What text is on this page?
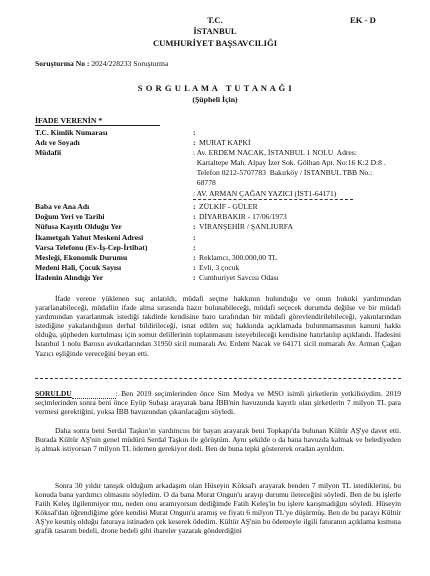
T.C.	EK - D
İSTANBUL
CUMHURİYET BAŞSAVCILIĞI
Soruşturma No : 2024/228233 Soruşturma
S O R G U L A M A   T U T A N A Ğ I
(Şüpheli İçin)
İFADE VERENİN *
T.C. Kimlik Numarası	:
Adı ve Soyadı	: MURAT KAPKİ
Müdafii	: Av. ERDEM NACAK, İSTANBUL 1 NOLU  Adres:
Kartaltepe Mah. Alpay İzer Sok. Gölhan Apt. No:16 K:2 D:8 .
Telefon 0212-5707783  Bakırköy / İSTANBUL TBB No.:
68778
: AV. ARMAN ÇAĞAN YAZICI (İST1-64171)
Baba ve Ana Adı	: ZÜLKİF - GÜLER
Doğum Yeri ve Tarihi	: DİYARBAKIR - 17/06/1973
Nüfusa Kayıtlı Olduğu Yer	: VİRANŞEHİR / ŞANLIURFA
İkametgah Yahut Meskeni Adresi	:
Varsa Telefonu (Ev-İş-Cep-İrtibat)	:
Mesleği, Ekonomik Durumu	: Reklamcı, 300.000,00 TL
Medeni Hali, Çocuk Sayısı	: Evli, 3 çocuk
İfadenin Alındığı Yer	: Cumhuriyet Savcısı Odası
İfade verene yüklenen suç anlatıldı, müdafi seçme hakkının bulunduğu ve onun hukuki yardımından yararlanabileceği, müdafiin ifade alma sırasında hazır bulunabileceği, müdafi seçecek durumda değilse ve bir müdafi yardımından yararlanmak istediği takdirde kendisine baro tarafından bir müdafi görevlendirilebileceği, yakınlarından istediğine yakalandığının derhal bildirileceği, isnat edilen suç hakkında açıklamada bulunmamasının kanuni hakkı olduğu, şüpheden kurtulması için somut delillerinin toplanmasını isteyebileceği kendisine hatırlatılıp açıklandı. İfadesini İstanbul 1 nolu Barosu avukatlarından 31950 sicil numaralı Av. Erdem Nacak ve 64171 sicil numaralı Av. Arman Çağan Yazıcı eşliğinde vereceğini beyan etti.
SORULDU	: Ben 2019 seçimlerinden önce Sim Medya ve MSO isimli şirketlerin yetkilisiydim. 2019 seçimlerinden sonra beni önce Eyüp Subaşı arayarak bana İBB'nin havuzunda kayıtlı olan şirketlerin 7 milyon TL para vermesi gerektiğini, yoksa İBB havuzundan çıkarılacağını söyledi.
Daha sonra beni Serdal Taşkın'ın yardımcısı bir bayan arayarak beni Topkapı'da bulunan Kültür AŞ'ye davet etti. Burada Kültür AŞ'nin genel müdürü Serdal Taşkın ile görüştüm. Aynı şekilde o da bana havuzda kalmak ve belediyeden iş almak istiyorsan 7 milyon TL ödemen gerekiyor dedi. Ben de buna tepki göstererek oradan ayrıldım.
Sonra 30 yıldır tanışık olduğum arkadaşım olan Hüseyin Köksal'ı arayarak benden 7 milyon TL istediklerini, bu konuda bana yardımcı olmasını söyledim. O da bana Murat Ongun'u arayıp durumu ileteceğini söyledi. Ben de bu işlerle Fatih Keleş ilgilenmiyor mu, neden onu aramıyorsun dediğimde Fatih Keleş'in bu işlere karışmadığını söyledi. Hüseyin Köksal'dan öğrendiğime göre kendisi Murat Ongun'u aramış ve fiyatı 6 milyon TL'ye düşürmüş. Ben de bu parayı Kültür AŞ'ye kesmiş olduğu faturaya istinaden çek keserek ödedim. Kültür AŞ'nin bu ödemeyle ilgili faturanın açıklama kısmına grafik tasarım bedeli, drone bedeli gibi ibareler yazarak gönderdiğini
